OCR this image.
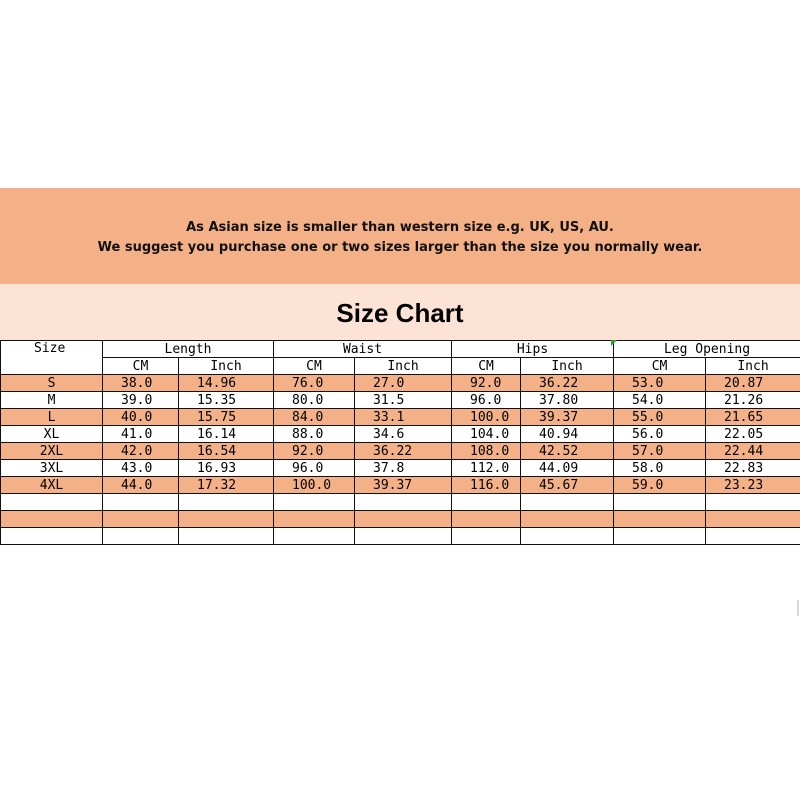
As Asian size is smaller than western size e.g. UK, US, AU.
We suggest you purchase one or two sizes larger than the size you normally wear.
Size Chart
Size	Length		Waist		Hips		Leg Opening	
	CM	Inch	CM	Inch	CM	Inch	CM	Inch
S	38.0	14.96	76.0	27.0	92.0	36.22	53.0	20.87
M	39.0	15.35	80.0	31.5	96.0	37.80	54.0	21.26
L	40.0	15.75	84.0	33.1	100.0	39.37	55.0	21.65
XL	41.0	16.14	88.0	34.6	104.0	40.94	56.0	22.05
2XL	42.0	16.54	92.0	36.22	108.0	42.52	57.0	22.44
3XL	43.0	16.93	96.0	37.8	112.0	44.09	58.0	22.83
4XL	44.0	17.32	100.0	39.37	116.0	45.67	59.0	23.23
